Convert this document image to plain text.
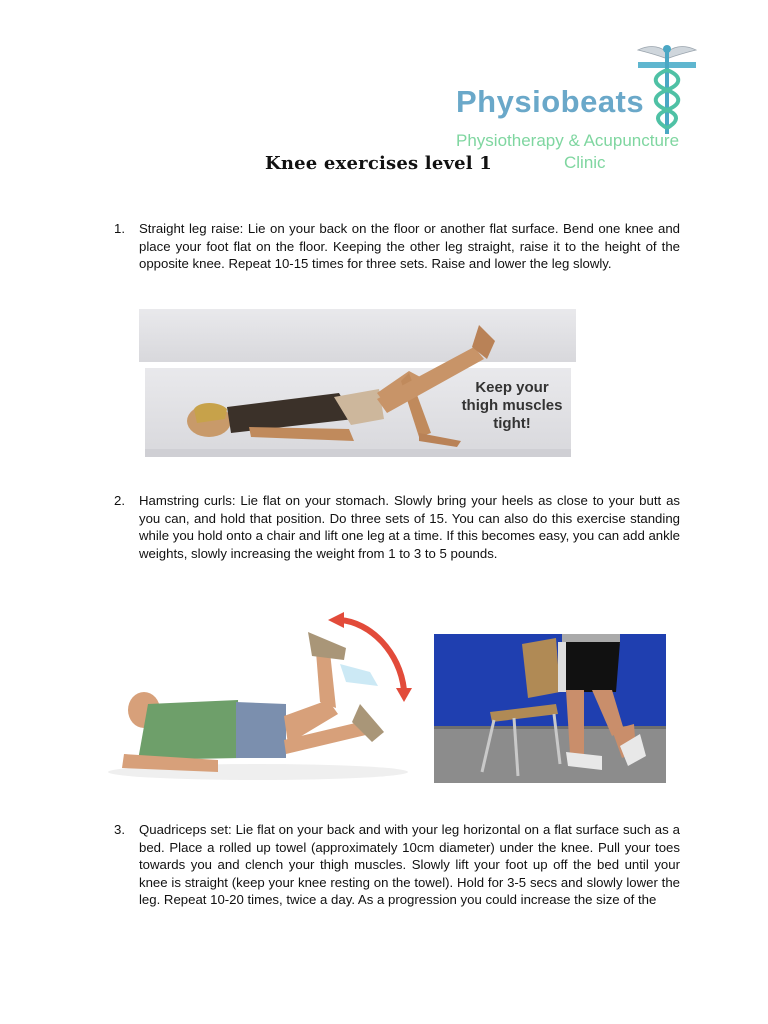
Physiobeats
Physiotherapy & Acupuncture
Clinic
Knee exercises level 1
1. Straight leg raise: Lie on your back on the floor or another flat surface. Bend one knee and place your foot flat on the floor. Keeping the other leg straight, raise it to the height of the opposite knee. Repeat 10-15 times for three sets. Raise and lower the leg slowly.
Keep your
thigh muscles
tight!
2. Hamstring curls: Lie flat on your stomach. Slowly bring your heels as close to your butt as you can, and hold that position. Do three sets of 15. You can also do this exercise standing while you hold onto a chair and lift one leg at a time. If this becomes easy, you can add ankle weights, slowly increasing the weight from 1 to 3 to 5 pounds.
3. Quadriceps set: Lie flat on your back and with your leg horizontal on a flat surface such as a bed. Place a rolled up towel (approximately 10cm diameter) under the knee. Pull your toes towards you and clench your thigh muscles. Slowly lift your foot up off the bed until your knee is straight (keep your knee resting on the towel). Hold for 3-5 secs and slowly lower the leg. Repeat 10-20 times, twice a day. As a progression you could increase the size of the
